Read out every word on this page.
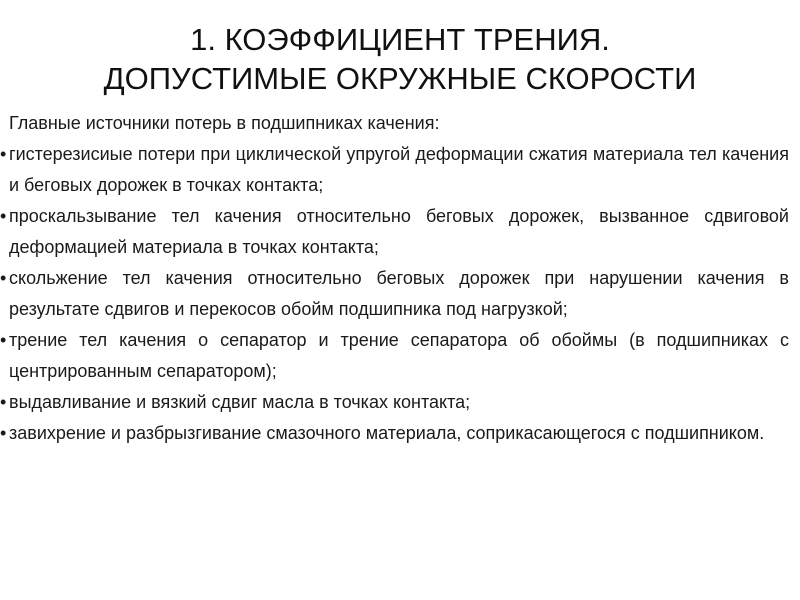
1. КОЭФФИЦИЕНТ ТРЕНИЯ.
ДОПУСТИМЫЕ ОКРУЖНЫЕ СКОРОСТИ

Главные источники потерь в подшипниках качения:

• гистерезисиые потери при циклической упругой деформации сжатия материала тел качения и беговых дорожек в точках контакта;
• проскальзывание тел качения относительно беговых дорожек, вызванное сдвиговой деформацией материала в точках контакта;
• скольжение тел качения относительно беговых дорожек при нарушении качения в результате сдвигов и перекосов обойм подшипника под нагрузкой;
• трение тел качения о сепаратор и трение сепаратора об обоймы (в подшипниках с центрированным сепаратором);
• выдавливание и вязкий сдвиг масла в точках контакта;
• завихрение и разбрызгивание смазочного материала, соприкасающегося с подшипником.
